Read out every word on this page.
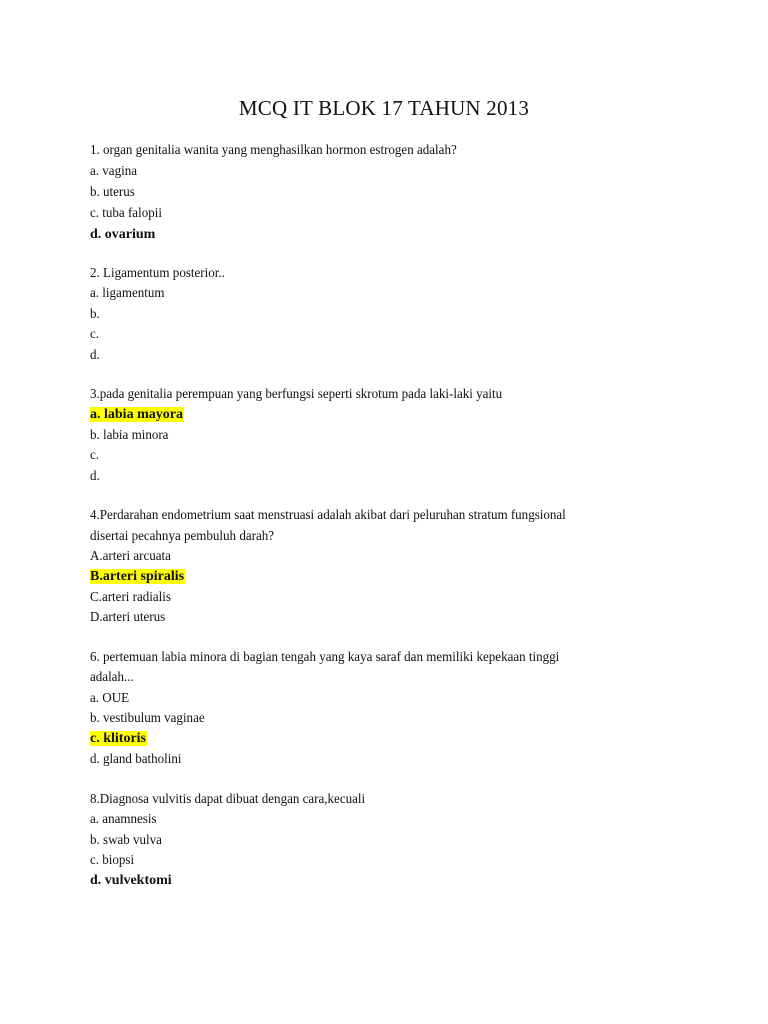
MCQ IT BLOK 17 TAHUN 2013
1. organ genitalia wanita yang menghasilkan hormon estrogen adalah?
a. vagina
b. uterus
c. tuba falopii
d. ovarium
2. Ligamentum posterior..
a. ligamentum
b.
c.
d.
3.pada genitalia perempuan yang berfungsi seperti skrotum pada laki-laki yaitu
a. labia mayora
b. labia minora
c.
d.
4.Perdarahan endometrium saat menstruasi adalah akibat dari peluruhan stratum fungsional
disertai pecahnya pembuluh darah?
A.arteri arcuata
B.arteri spiralis
C.arteri radialis
D.arteri uterus
6. pertemuan labia minora di bagian tengah yang kaya saraf dan memiliki kepekaan tinggi
adalah...
a. OUE
b. vestibulum vaginae
c. klitoris
d. gland batholini
8.Diagnosa vulvitis dapat dibuat dengan cara,kecuali
a. anamnesis
b. swab vulva
c. biopsi
d. vulvektomi
